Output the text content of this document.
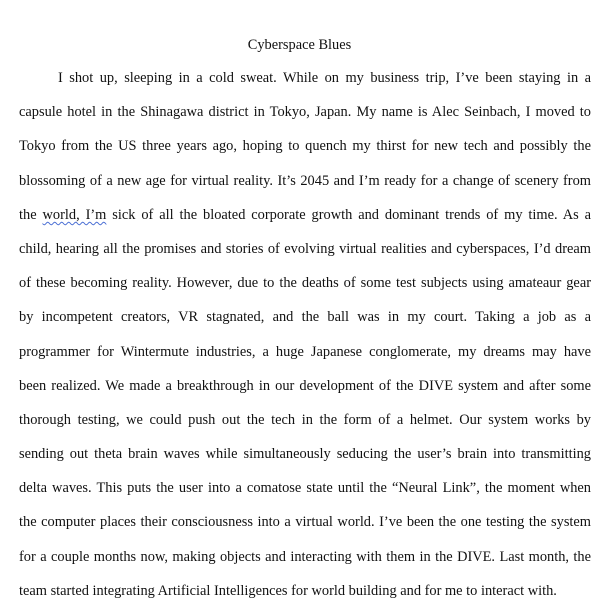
Cyberspace Blues
I shot up, sleeping in a cold sweat. While on my business trip, I’ve been staying in a
capsule hotel in the Shinagawa district in Tokyo, Japan. My name is Alec Seinbach, I moved to
Tokyo from the US three years ago, hoping to quench my thirst for new tech and possibly the
blossoming of a new age for virtual reality. It’s 2045 and I’m ready for a change of scenery from
the world, I’m sick of all the bloated corporate growth and dominant trends of my time. As a
child, hearing all the promises and stories of evolving virtual realities and cyberspaces, I’d dream
of these becoming reality. However, due to the deaths of some test subjects using amateaur gear
by incompetent creators, VR stagnated, and the ball was in my court. Taking a job as a
programmer for Wintermute industries, a huge Japanese conglomerate, my dreams may have
been realized. We made a breakthrough in our development of the DIVE system and after some
thorough testing, we could push out the tech in the form of a helmet. Our system works by
sending out theta brain waves while simultaneously seducing the user’s brain into transmitting
delta waves. This puts the user into a comatose state until the “Neural Link”, the moment when
the computer places their consciousness into a virtual world. I’ve been the one testing the system
for a couple months now, making objects and interacting with them in the DIVE. Last month, the
team started integrating Artificial Intelligences for world building and for me to interact with.
